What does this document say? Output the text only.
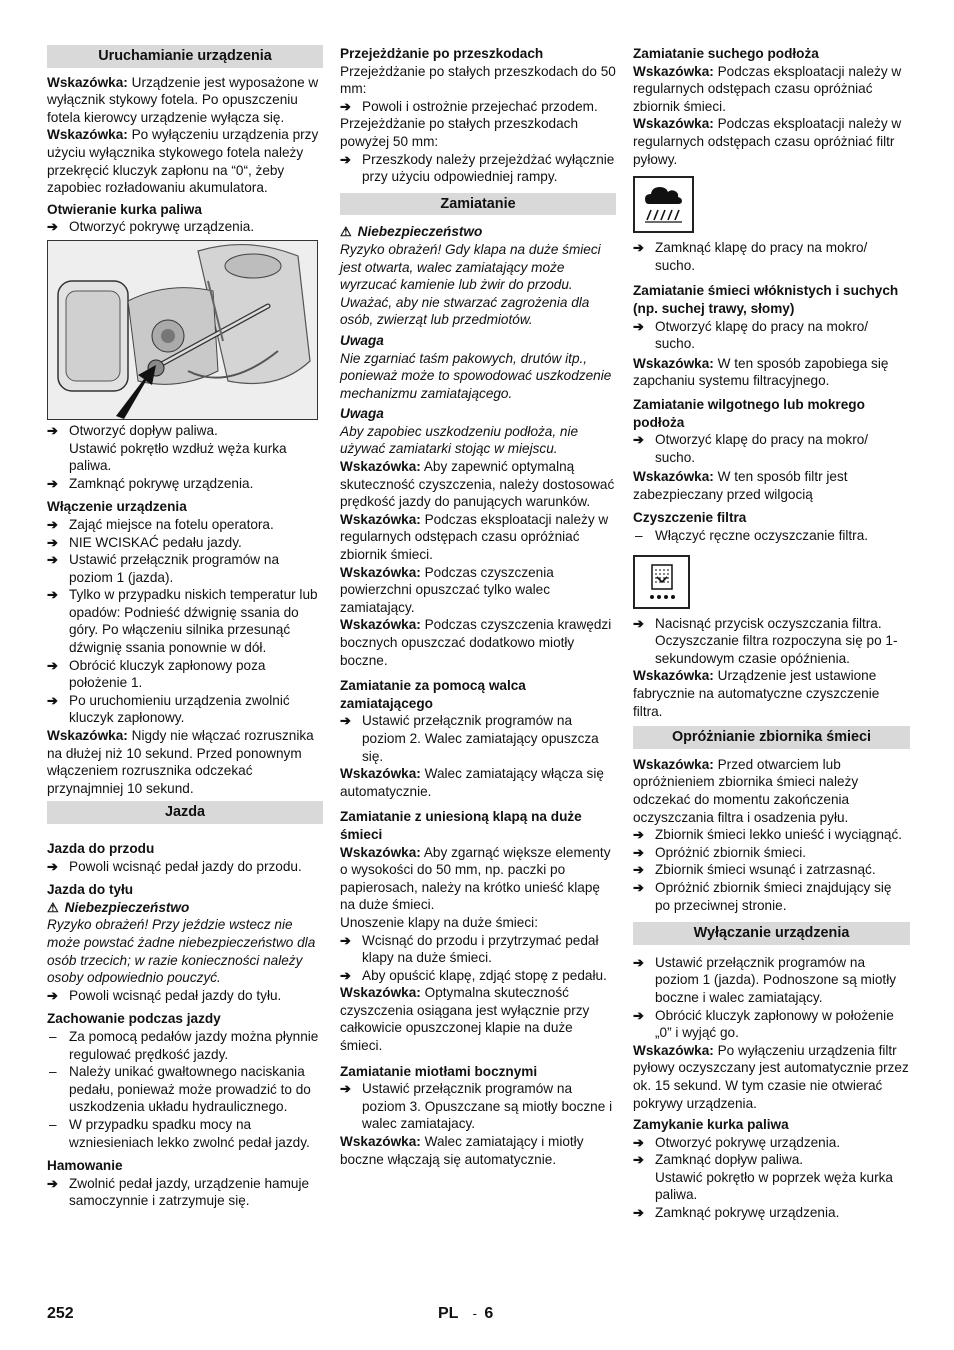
Uruchamianie urządzenia
Wskazówka: Urządzenie jest wyposażone w wyłącznik stykowy fotela. Po opuszczeniu fotela kierowcy urządzenie wyłącza się.
Wskazówka: Po wyłączeniu urządzenia przy użyciu wyłącznika stykowego fotela należy przekręcić kluczyk zapłonu na “0“, żeby zapobiec rozładowaniu akumulatora.
Otwieranie kurka paliwa
➔ Otworzyć pokrywę urządzenia.
➔ Otworzyć dopływ paliwa.
Ustawić pokrętło wzdłuż węża kurka paliwa.
➔ Zamknąć pokrywę urządzenia.
Włączenie urządzenia
➔ Zająć miejsce na fotelu operatora.
➔ NIE WCISKAĆ pedału jazdy.
➔ Ustawić przełącznik programów na poziom 1 (jazda).
➔ Tylko w przypadku niskich temperatur lub opadów: Podnieść dźwignię ssania do góry. Po włączeniu silnika przesunąć dźwignię ssania ponownie w dół.
➔ Obrócić kluczyk zapłonowy poza położenie 1.
➔ Po uruchomieniu urządzenia zwolnić kluczyk zapłonowy.
Wskazówka: Nigdy nie włączać rozrusznika na dłużej niż 10 sekund. Przed ponownym włączeniem rozrusznika odczekać przynajmniej 10 sekund.
Jazda
Jazda do przodu
➔ Powoli wcisnąć pedał jazdy do przodu.
Jazda do tyłu
⚠ Niebezpieczeństwo
Ryzyko obrażeń! Przy jeździe wstecz nie może powstać żadne niebezpieczeństwo dla osób trzecich; w razie konieczności należy osoby odpowiednio pouczyć.
➔ Powoli wcisnąć pedał jazdy do tyłu.
Zachowanie podczas jazdy
– Za pomocą pedałów jazdy można płynnie regulować prędkość jazdy.
– Należy unikać gwałtownego naciskania pedału, ponieważ może prowadzić to do uszkodzenia układu hydraulicznego.
– W przypadku spadku mocy na wzniesieniach lekko zwolnć pedał jazdy.
Hamowanie
➔ Zwolnić pedał jazdy, urządzenie hamuje samoczynnie i zatrzymuje się.
Przejeżdżanie po przeszkodach
Przejeżdżanie po stałych przeszkodach do 50 mm:
➔ Powoli i ostrożnie przejechać przodem.
Przejeżdżanie po stałych przeszkodach powyżej 50 mm:
➔ Przeszkody należy przejeżdżać wyłącznie przy użyciu odpowiedniej rampy.
Zamiatanie
⚠ Niebezpieczeństwo
Ryzyko obrażeń! Gdy klapa na duże śmieci jest otwarta, walec zamiatający może wyrzucać kamienie lub żwir do przodu. Uważać, aby nie stwarzać zagrożenia dla osób, zwierząt lub przedmiotów.
Uwaga
Nie zgarniać taśm pakowych, drutów itp., ponieważ może to spowodować uszkodzenie mechanizmu zamiatającego.
Uwaga
Aby zapobiec uszkodzeniu podłoża, nie używać zamiatarki stojąc w miejscu.
Wskazówka: Aby zapewnić optymalną skuteczność czyszczenia, należy dostosować prędkość jazdy do panujących warunków.
Wskazówka: Podczas eksploatacji należy w regularnych odstępach czasu opróżniać zbiornik śmieci.
Wskazówka: Podczas czyszczenia powierzchni opuszczać tylko walec zamiatający.
Wskazówka: Podczas czyszczenia krawędzi bocznych opuszczać dodatkowo miotły boczne.
Zamiatanie za pomocą walca zamiatającego
➔ Ustawić przełącznik programów na poziom 2. Walec zamiatający opuszcza się.
Wskazówka: Walec zamiatający włącza się automatycznie.
Zamiatanie z uniesioną klapą na duże śmieci
Wskazówka: Aby zgarnąć większe elementy o wysokości do 50 mm, np. paczki po papierosach, należy na krótko unieść klapę na duże śmieci.
Unoszenie klapy na duże śmieci:
➔ Wcisnąć do przodu i przytrzymać pedał klapy na duże śmieci.
➔ Aby opuścić klapę, zdjąć stopę z pedału.
Wskazówka: Optymalna skuteczność czyszczenia osiągana jest wyłącznie przy całkowicie opuszczonej klapie na duże śmieci.
Zamiatanie miotłami bocznymi
➔ Ustawić przełącznik programów na poziom 3. Opuszczane są miotły boczne i walec zamiatajacy.
Wskazówka: Walec zamiatający i miotły boczne włączają się automatycznie.
Zamiatanie suchego podłoża
Wskazówka: Podczas eksploatacji należy w regularnych odstępach czasu opróżniać zbiornik śmieci.
Wskazówka: Podczas eksploatacji należy w regularnych odstępach czasu opróżniać filtr pyłowy.
➔ Zamknąć klapę do pracy na mokro/ sucho.
Zamiatanie śmieci włóknistych i suchych (np. suchej trawy, słomy)
➔ Otworzyć klapę do pracy na mokro/ sucho.
Wskazówka: W ten sposób zapobiega się zapchaniu systemu filtracyjnego.
Zamiatanie wilgotnego lub mokrego podłoża
➔ Otworzyć klapę do pracy na mokro/ sucho.
Wskazówka: W ten sposób filtr jest zabezpieczany przed wilgocią
Czyszczenie filtra
– Włączyć ręczne oczyszczanie filtra.
➔ Nacisnąć przycisk oczyszczania filtra. Oczyszczanie filtra rozpoczyna się po 1-sekundowym czasie opóźnienia.
Wskazówka: Urządzenie jest ustawione fabrycznie na automatyczne czyszczenie filtra.
Opróżnianie zbiornika śmieci
Wskazówka: Przed otwarciem lub opróżnieniem zbiornika śmieci należy odczekać do momentu zakończenia oczyszczania filtra i osadzenia pyłu.
➔ Zbiornik śmieci lekko unieść i wyciągnąć.
➔ Opróżnić zbiornik śmieci.
➔ Zbiornik śmieci wsunąć i zatrzasnąć.
➔ Opróżnić zbiornik śmieci znajdujący się po przeciwnej stronie.
Wyłączanie urządzenia
➔ Ustawić przełącznik programów na poziom 1 (jazda). Podnoszone są miotły boczne i walec zamiatający.
➔ Obrócić kluczyk zapłonowy w położenie „0” i wyjąć go.
Wskazówka: Po wyłączeniu urządzenia filtr pyłowy oczyszczany jest automatycznie przez ok. 15 sekund. W tym czasie nie otwierać pokrywy urządzenia.
Zamykanie kurka paliwa
➔ Otworzyć pokrywę urządzenia.
➔ Zamknąć dopływ paliwa.
Ustawić pokrętło w poprzek węża kurka paliwa.
➔ Zamknąć pokrywę urządzenia.
252	PL - 6
